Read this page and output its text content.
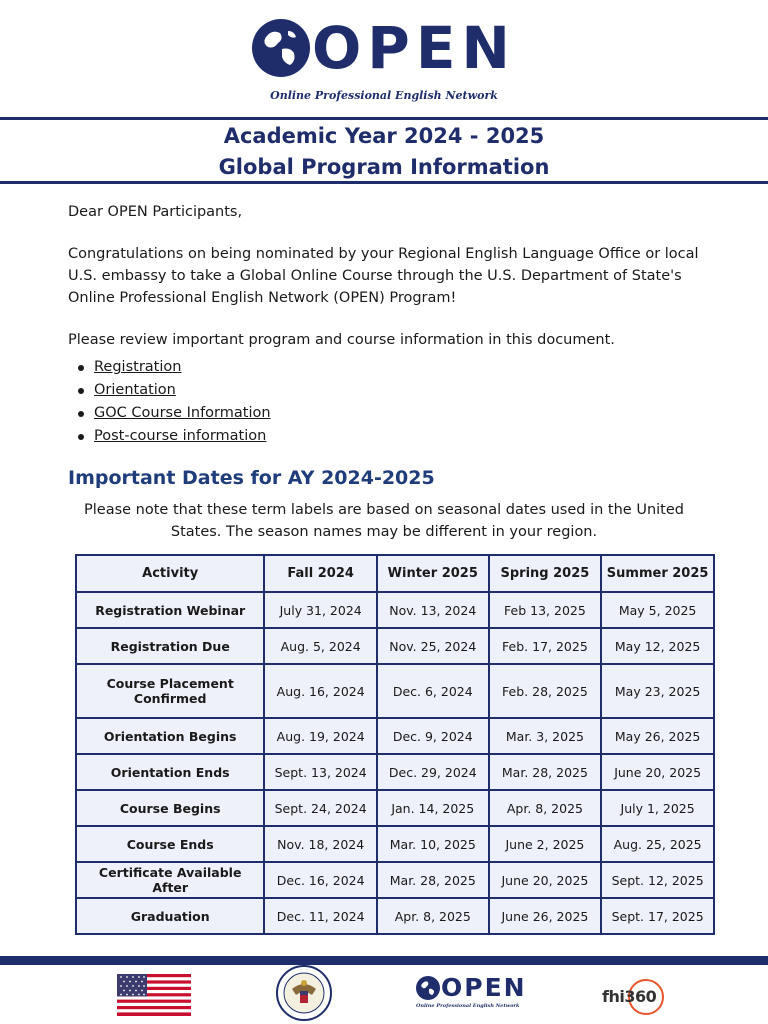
OPEN
Online Professional English Network
Academic Year 2024 - 2025
Global Program Information

Dear OPEN Participants,

Congratulations on being nominated by your Regional English Language Office or local U.S. embassy to take a Global Online Course through the U.S. Department of State's Online Professional English Network (OPEN) Program!

Please review important program and course information in this document.

Registration
Orientation
GOC Course Information
Post-course information
Important Dates for AY 2024-2025
Please note that these term labels are based on seasonal dates used in the United States. The season names may be different in your region.
Activity	Fall 2024	Winter 2025	Spring 2025	Summer 2025
Registration Webinar	July 31, 2024	Nov. 13, 2024	Feb 13, 2025	May 5, 2025
Registration Due	Aug. 5, 2024	Nov. 25, 2024	Feb. 17, 2025	May 12, 2025
Course Placement Confirmed	Aug. 16, 2024	Dec. 6, 2024	Feb. 28, 2025	May 23, 2025
Orientation Begins	Aug. 19, 2024	Dec. 9, 2024	Mar. 3, 2025	May 26, 2025
Orientation Ends	Sept. 13, 2024	Dec. 29, 2024	Mar. 28, 2025	June 20, 2025
Course Begins	Sept. 24, 2024	Jan. 14, 2025	Apr. 8, 2025	July 1, 2025
Course Ends	Nov. 18, 2024	Mar. 10, 2025	June 2, 2025	Aug. 25, 2025
Certificate Available After	Dec. 16, 2024	Mar. 28, 2025	June 20, 2025	Sept. 12, 2025
Graduation	Dec. 11, 2024	Apr. 8, 2025	June 26, 2025	Sept. 17, 2025
OPEN
Online Professional English Network	fhi360
